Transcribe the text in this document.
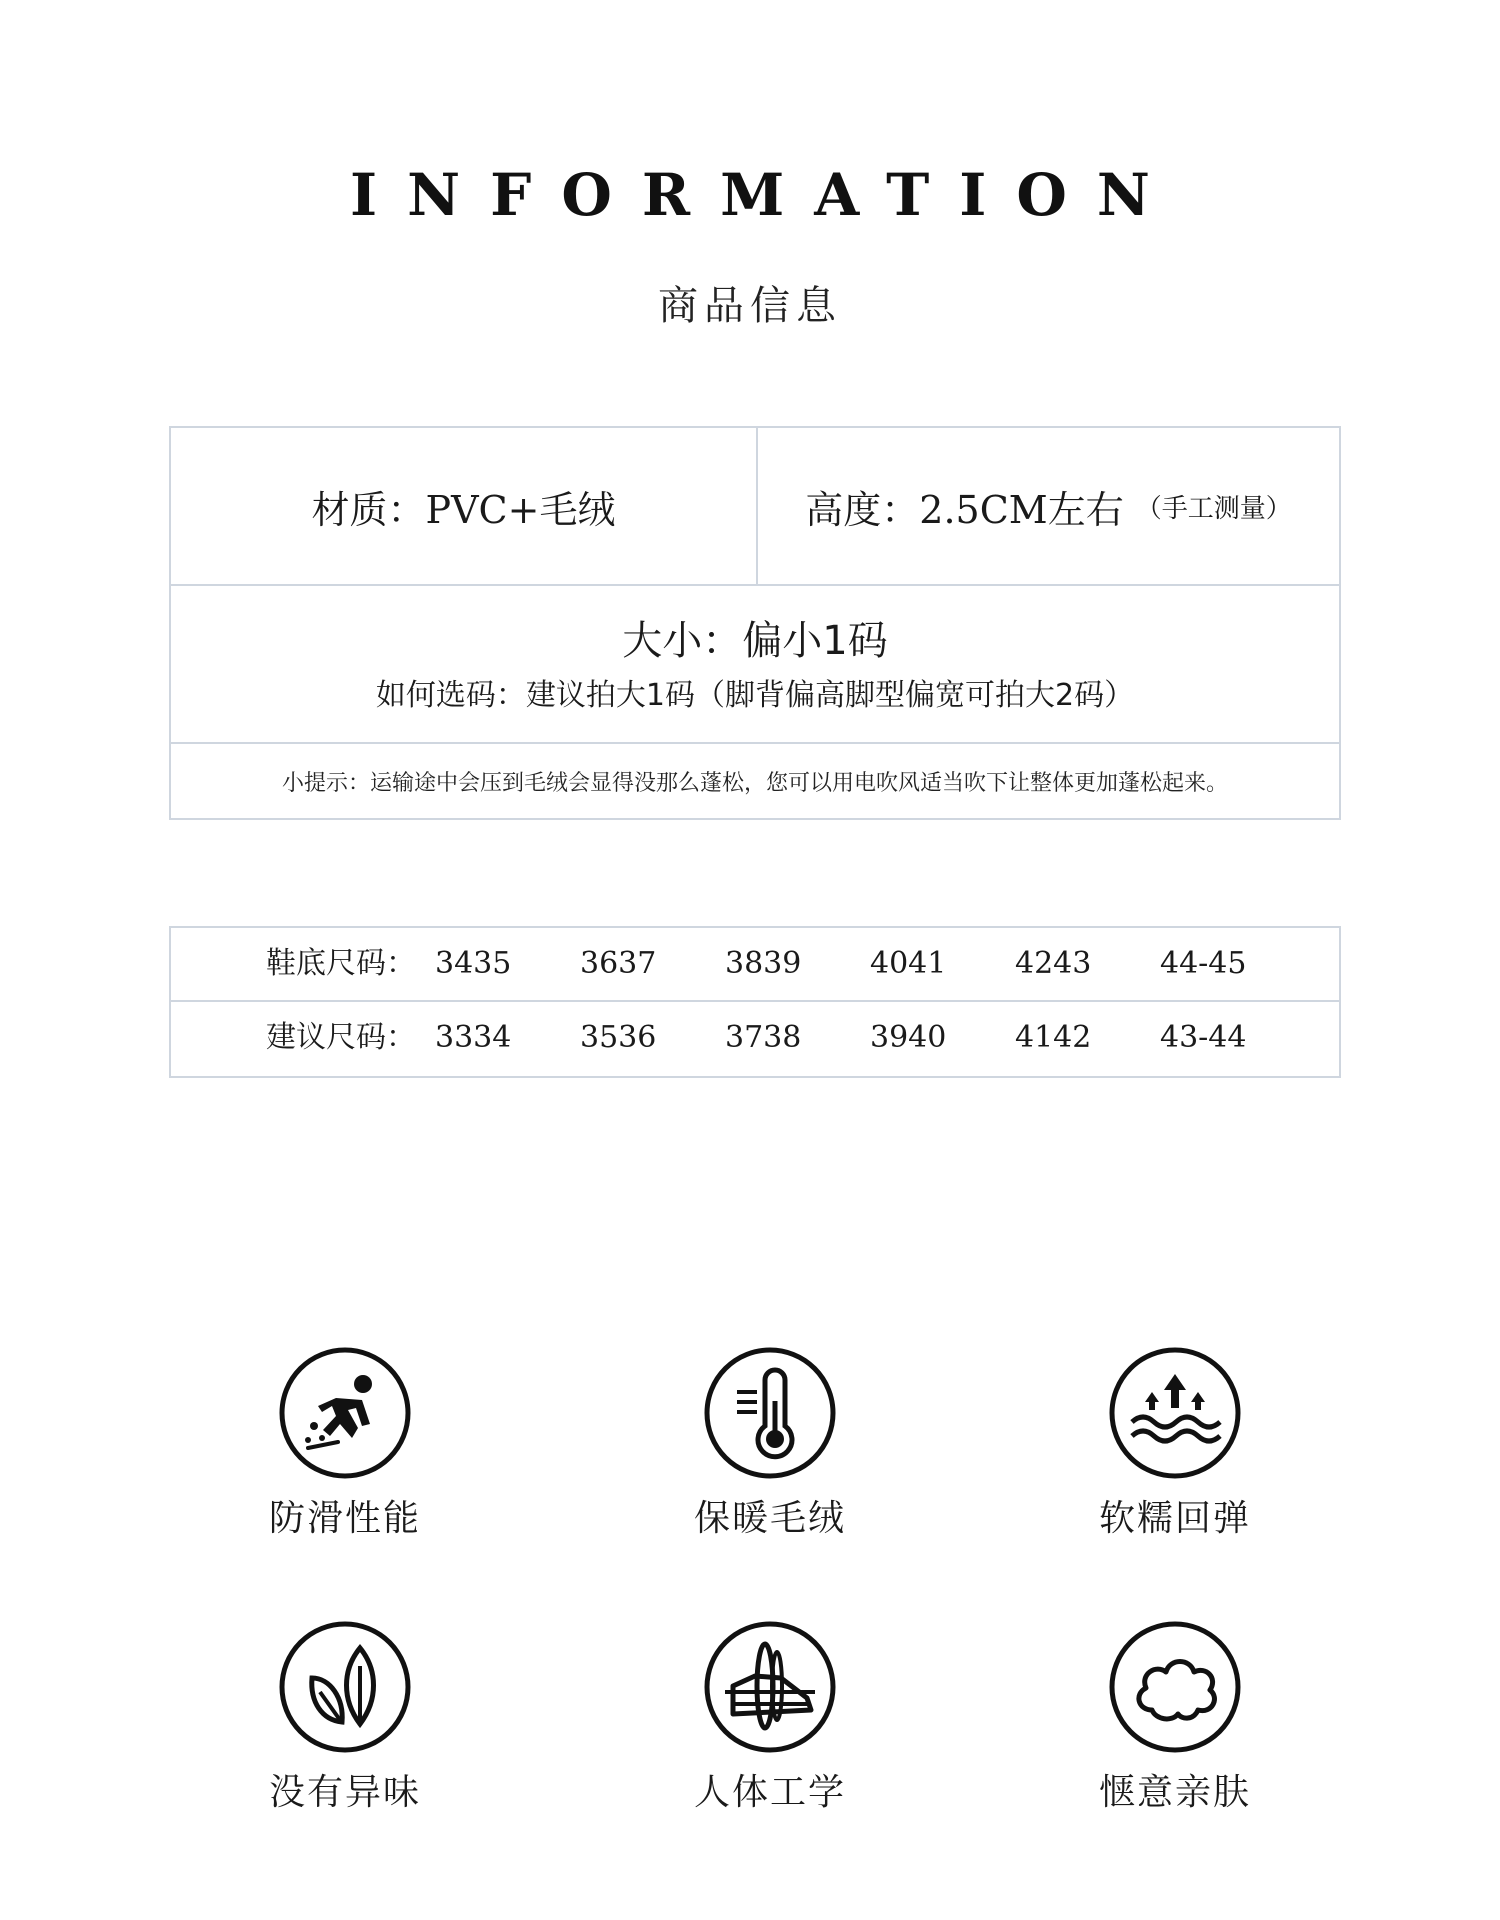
INFORMATION
商品信息
材质： PVC+毛绒	高度： 2.5CM左右 （手工测量）
大小：偏小1码
如何选码：建议拍大1码（脚背偏高脚型偏宽可拍大2码）
小提示：运输途中会压到毛绒会显得没那么蓬松，您可以用电吹风适当吹下让整体更加蓬松起来。
鞋底尺码： 3435 3637 3839 4041 4243 44-45
建议尺码： 3334 3536 3738 3940 4142 43-44
防滑性能	保暖毛绒	软糯回弹
没有异味	人体工学	惬意亲肤
